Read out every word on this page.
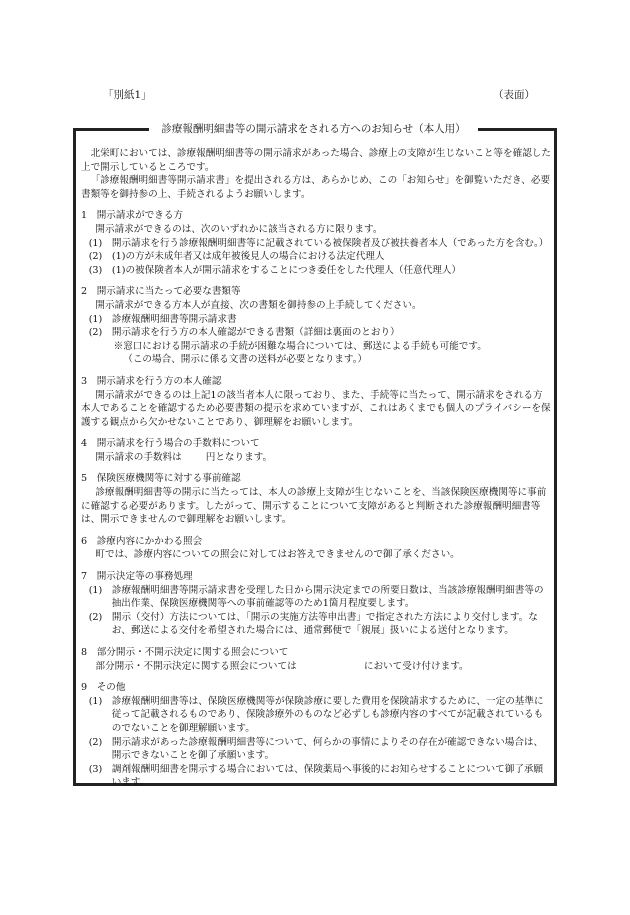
「別紙1」	（表面）
診療報酬明細書等の開示請求をされる方へのお知らせ（本人用）

北栄町においては、診療報酬明細書等の開示請求があった場合、診療上の支障が生じないこと等を確認した上で開示しているところです。

「診療報酬明細書等開示請求書」を提出される方は、あらかじめ、この「お知らせ」を御覧いただき、必要書類等を御持参の上、手続されるようお願いします。

1　開示請求ができる方
開示請求ができるのは、次のいずれかに該当される方に限ります。
(1)　開示請求を行う診療報酬明細書等に記載されている被保険者及び被扶養者本人（であった方を含む。）
(2)　(1)の方が未成年者又は成年被後見人の場合における法定代理人
(3)　(1)の被保険者本人が開示請求をすることにつき委任をした代理人（任意代理人）
2　開示請求に当たって必要な書類等
開示請求ができる方本人が直接、次の書類を御持参の上手続してください。
(1)　診療報酬明細書等開示請求書
(2)　開示請求を行う方の本人確認ができる書類（詳細は裏面のとおり）
※窓口における開示請求の手続が困難な場合については、郵送による手続も可能です。
（この場合、開示に係る文書の送料が必要となります。）
3　開示請求を行う方の本人確認
開示請求ができるのは上記1の該当者本人に限っており、また、手続等に当たって、開示請求をされる方本人であることを確認するため必要書類の提示を求めていますが、これはあくまでも個人のプライバシーを保護する観点から欠かせないことであり、御理解をお願いします。
4　開示請求を行う場合の手数料について
開示請求の手数料は	円となります。
5　保険医療機関等に対する事前確認
診療報酬明細書等の開示に当たっては、本人の診療上支障が生じないことを、当該保険医療機関等に事前に確認する必要があります。したがって、開示することについて支障があると判断された診療報酬明細書等は、開示できませんので御理解をお願いします。
6　診療内容にかかわる照会
町では、診療内容についての照会に対してはお答えできませんので御了承ください。
7　開示決定等の事務処理
(1)　診療報酬明細書等開示請求書を受理した日から開示決定までの所要日数は、当該診療報酬明細書等の抽出作業、保険医療機関等への事前確認等のため1箇月程度要します。
(2)　開示（交付）方法については、「開示の実施方法等申出書」で指定された方法により交付します。なお、郵送による交付を希望された場合には、通常郵便で「親展」扱いによる送付となります。
8　部分開示・不開示決定に関する照会について
部分開示・不開示決定に関する照会については	において受け付けます。
9　その他
(1)　診療報酬明細書等は、保険医療機関等が保険診療に要した費用を保険請求するために、一定の基準に従って記載されるものであり、保険診療外のものなど必ずしも診療内容のすべてが記載されているものでないことを御理解願います。
(2)　開示請求があった診療報酬明細書等について、何らかの事情によりその存在が確認できない場合は、開示できないことを御了承願います。
(3)　調剤報酬明細書を開示する場合においては、保険薬局へ事後的にお知らせすることについて御了承願います。
